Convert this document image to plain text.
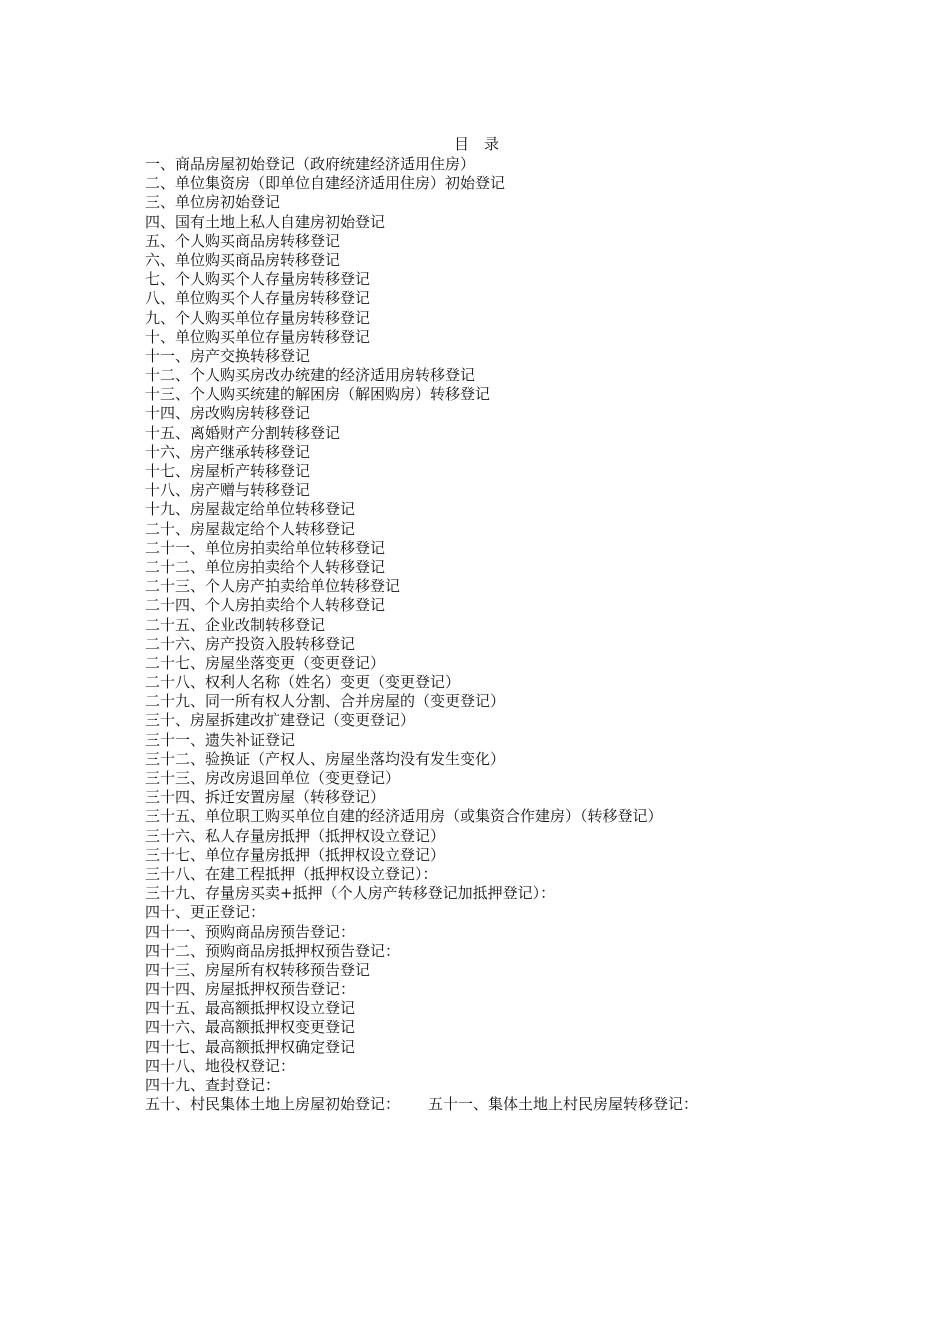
目　录
一、商品房屋初始登记（政府统建经济适用住房）
二、单位集资房（即单位自建经济适用住房）初始登记
三、单位房初始登记
四、国有土地上私人自建房初始登记
五、个人购买商品房转移登记
六、单位购买商品房转移登记
七、个人购买个人存量房转移登记
八、单位购买个人存量房转移登记
九、个人购买单位存量房转移登记
十、单位购买单位存量房转移登记
十一、房产交换转移登记
十二、个人购买房改办统建的经济适用房转移登记
十三、个人购买统建的解困房（解困购房）转移登记
十四、房改购房转移登记
十五、离婚财产分割转移登记
十六、房产继承转移登记
十七、房屋析产转移登记
十八、房产赠与转移登记
十九、房屋裁定给单位转移登记
二十、房屋裁定给个人转移登记
二十一、单位房拍卖给单位转移登记
二十二、单位房拍卖给个人转移登记
二十三、个人房产拍卖给单位转移登记
二十四、个人房拍卖给个人转移登记
二十五、企业改制转移登记
二十六、房产投资入股转移登记
二十七、房屋坐落变更（变更登记）
二十八、权利人名称（姓名）变更（变更登记）
二十九、同一所有权人分割、合并房屋的（变更登记）
三十、房屋拆建改扩建登记（变更登记）
三十一、遗失补证登记
三十二、验换证（产权人、房屋坐落均没有发生变化）
三十三、房改房退回单位（变更登记）
三十四、拆迁安置房屋（转移登记）
三十五、单位职工购买单位自建的经济适用房（或集资合作建房）（转移登记）
三十六、私人存量房抵押（抵押权设立登记）
三十七、单位存量房抵押（抵押权设立登记）
三十八、在建工程抵押（抵押权设立登记）：
三十九、存量房买卖+抵押（个人房产转移登记加抵押登记）：
四十、更正登记：
四十一、预购商品房预告登记：
四十二、预购商品房抵押权预告登记：
四十三、房屋所有权转移预告登记
四十四、房屋抵押权预告登记：
四十五、最高额抵押权设立登记
四十六、最高额抵押权变更登记
四十七、最高额抵押权确定登记
四十八、地役权登记：
四十九、查封登记：
五十、村民集体土地上房屋初始登记： 五十一、集体土地上村民房屋转移登记：
